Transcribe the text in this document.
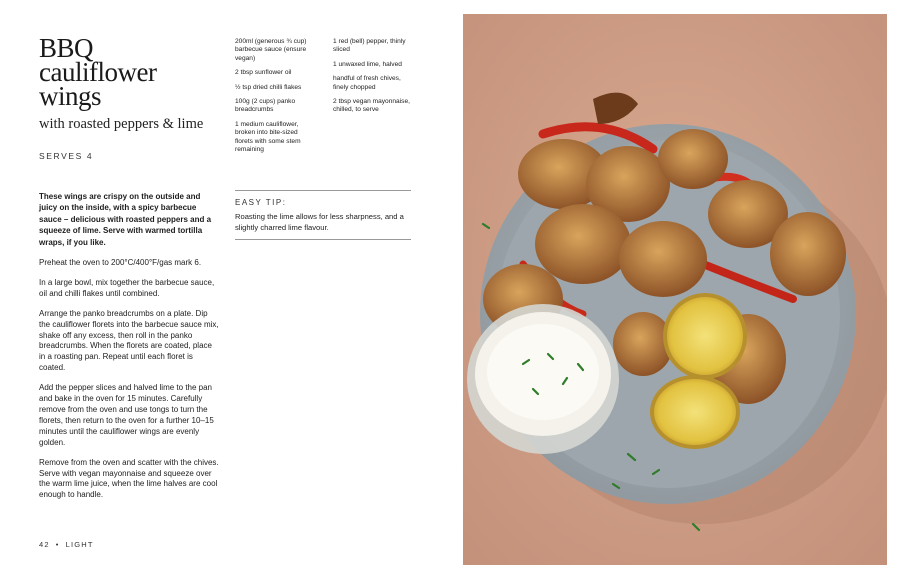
BBQ
cauliflower
wings
with roasted peppers & lime
SERVES 4
These wings are crispy on the outside and juicy on the inside, with a spicy barbecue sauce – delicious with roasted peppers and a squeeze of lime. Serve with warmed tortilla wraps, if you like.

Preheat the oven to 200°C/400°F/gas mark 6.

In a large bowl, mix together the barbecue sauce, oil and chilli flakes until combined.

Arrange the panko breadcrumbs on a plate. Dip the cauliflower florets into the barbecue sauce mix, shake off any excess, then roll in the panko breadcrumbs. When the florets are coated, place in a roasting pan. Repeat until each floret is coated.

Add the pepper slices and halved lime to the pan and bake in the oven for 15 minutes. Carefully remove from the oven and use tongs to turn the florets, then return to the oven for a further 10–15 minutes until the cauliflower wings are evenly golden.

Remove from the oven and scatter with the chives. Serve with vegan mayonnaise and squeeze over the warm lime juice, when the lime halves are cool enough to handle.

200ml (generous ¾ cup) barbecue sauce (ensure vegan)

2 tbsp sunflower oil

½ tsp dried chilli flakes

100g (2 cups) panko breadcrumbs

1 medium cauliflower, broken into bite-sized florets with some stem remaining

1 red (bell) pepper, thinly sliced

1 unwaxed lime, halved

handful of fresh chives, finely chopped

2 tbsp vegan mayonnaise, chilled, to serve

EASY TIP:
Roasting the lime allows for less sharpness, and a slightly charred lime flavour.
42 • LIGHT
